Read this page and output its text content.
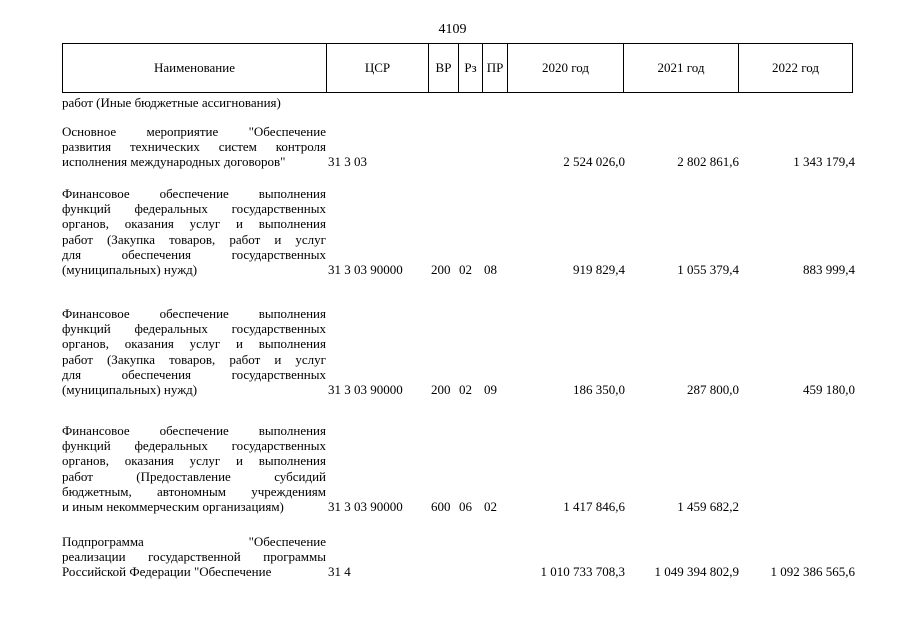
4109
Наименование	ЦСР	ВР Рз ПР	2020 год	2021 год	2022 год
работ (Иные бюджетные ассигнования)
Основное мероприятие "Обеспечение
развития технических систем контроля
исполнения международных договоров"	31 3 03	2 524 026,0	2 802 861,6	1 343 179,4
Финансовое обеспечение выполнения
функций федеральных государственных
органов, оказания услуг и выполнения
работ (Закупка товаров, работ и услуг
для обеспечения государственных
(муниципальных) нужд)	31 3 03 90000	200 02 08	919 829,4	1 055 379,4	883 999,4
Финансовое обеспечение выполнения
функций федеральных государственных
органов, оказания услуг и выполнения
работ (Закупка товаров, работ и услуг
для обеспечения государственных
(муниципальных) нужд)	31 3 03 90000	200 02 09	186 350,0	287 800,0	459 180,0
Финансовое обеспечение выполнения
функций федеральных государственных
органов, оказания услуг и выполнения
работ (Предоставление субсидий
бюджетным, автономным учреждениям
и иным некоммерческим организациям)	31 3 03 90000	600 06 02	1 417 846,6	1 459 682,2
Подпрограмма "Обеспечение
реализации государственной программы
Российской Федерации "Обеспечение	31 4	1 010 733 708,3	1 049 394 802,9	1 092 386 565,6
